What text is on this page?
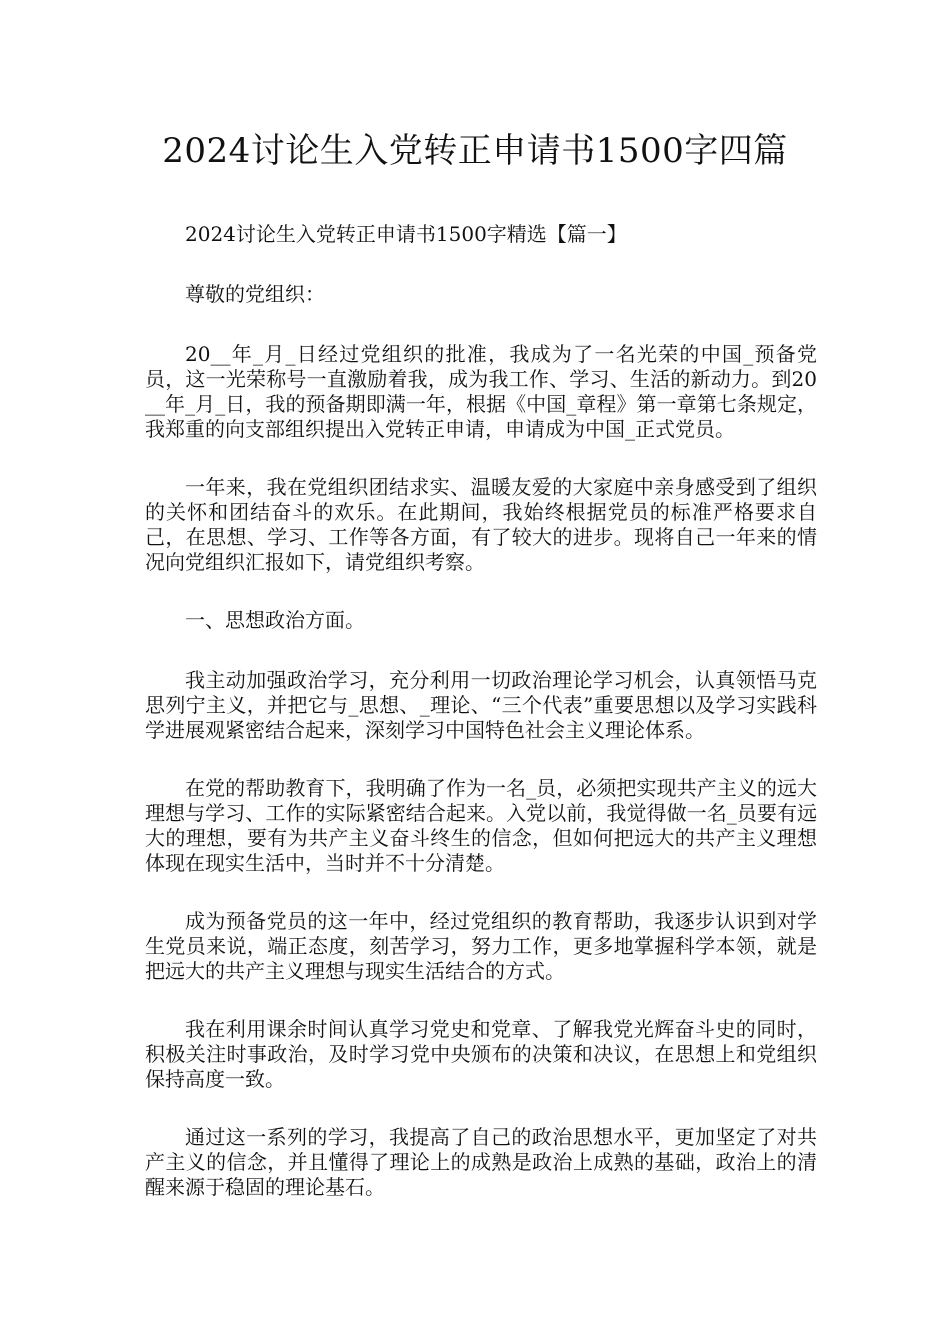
2024讨论生入党转正申请书1500字四篇

2024讨论生入党转正申请书1500字精选【篇一】

尊敬的党组织：

20__年_月_日经过党组织的批准，我成为了一名光荣的中国_预备党员，这一光荣称号一直激励着我，成为我工作、学习、生活的新动力。到20__年_月_日，我的预备期即满一年，根据《中国_章程》第一章第七条规定，我郑重的向支部组织提出入党转正申请，申请成为中国_正式党员。

一年来，我在党组织团结求实、温暖友爱的大家庭中亲身感受到了组织的关怀和团结奋斗的欢乐。在此期间，我始终根据党员的标准严格要求自己，在思想、学习、工作等各方面，有了较大的进步。现将自己一年来的情况向党组织汇报如下，请党组织考察。

一、思想政治方面。

我主动加强政治学习，充分利用一切政治理论学习机会，认真领悟马克思列宁主义，并把它与_思想、_理论、“三个代表”重要思想以及学习实践科学进展观紧密结合起来，深刻学习中国特色社会主义理论体系。

在党的帮助教育下，我明确了作为一名_员，必须把实现共产主义的远大理想与学习、工作的实际紧密结合起来。入党以前，我觉得做一名_员要有远大的理想，要有为共产主义奋斗终生的信念，但如何把远大的共产主义理想体现在现实生活中，当时并不十分清楚。

成为预备党员的这一年中，经过党组织的教育帮助，我逐步认识到对学生党员来说，端正态度，刻苦学习，努力工作，更多地掌握科学本领，就是把远大的共产主义理想与现实生活结合的方式。

我在利用课余时间认真学习党史和党章、了解我党光辉奋斗史的同时，积极关注时事政治，及时学习党中央颁布的决策和决议，在思想上和党组织保持高度一致。

通过这一系列的学习，我提高了自己的政治思想水平，更加坚定了对共产主义的信念，并且懂得了理论上的成熟是政治上成熟的基础，政治上的清醒来源于稳固的理论基石。
